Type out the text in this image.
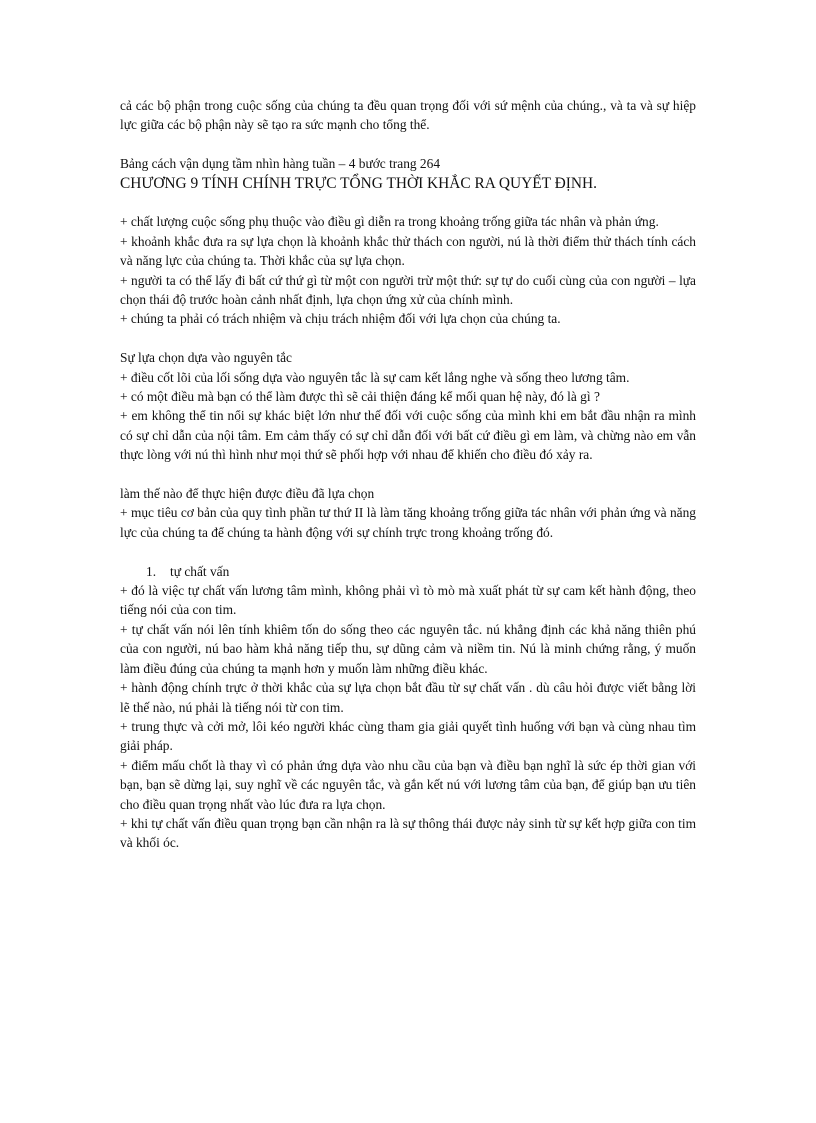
cả các bộ phận trong cuộc sống của chúng ta đều quan trọng đối với sứ mệnh của chúng., và ta và sự hiệp lực giữa các bộ phận này sẽ tạo ra sức mạnh cho tổng thể.

Bảng cách vận dụng tầm nhìn hàng tuần – 4 bước trang 264

CHƯƠNG 9 TÍNH CHÍNH TRỰC TỔNG THỜI KHẮC RA QUYẾT ĐỊNH.

+ chất lượng cuộc sống phụ thuộc vào điều gì diễn ra trong khoảng trống giữa tác nhân và phản ứng.

+ khoảnh khắc đưa ra sự lựa chọn là khoảnh khắc thử thách con người, nú là thời điểm thử thách tính cách và năng lực của chúng ta. Thời khắc của sự lựa chọn.

+ người ta có thể lấy đi bất cứ thứ gì từ một con người trừ một thứ: sự tự do cuối cùng của con người – lựa chọn thái độ trước hoàn cảnh nhất định, lựa chọn ứng xử của chính mình.

+ chúng ta phải có trách nhiệm và chịu trách nhiệm đối với lựa chọn của chúng ta.

Sự lựa chọn dựa vào nguyên tắc

+ điều cốt lõi của lối sống dựa vào nguyên tắc là sự cam kết lắng nghe và sống theo lương tâm.

+ có một điều mà bạn có thể làm được thì sẽ cải thiện đáng kể mối quan hệ này, đó là gì ?

+ em không thể tin nổi sự khác biệt lớn như thế đối với cuộc sống của mình khi em bắt đầu nhận ra mình có sự chỉ dẫn của nội tâm. Em cảm thấy có sự chỉ dẫn đối với bất cứ điều gì em làm, và chừng nào em vẫn thực lòng với nú thì hình như mọi thứ sẽ phối hợp với nhau để khiến cho điều đó xảy ra.

làm thế nào để thực hiện được điều đã lựa chọn

+ mục tiêu cơ bản của quy tình phần tư thứ II là làm tăng khoảng trống giữa tác nhân với phản ứng và năng lực của chúng ta để chúng ta hành động với sự chính trực trong khoảng trống đó.

1. tự chất vấn

+ đó là việc tự chất vấn lương tâm mình, không phải vì tò mò mà xuất phát từ sự cam kết hành động, theo tiếng nói của con tim.

+ tự chất vấn nói lên tính khiêm tốn do sống theo các nguyên tắc. nú khẳng định các khả năng thiên phú của con người, nú bao hàm khả năng tiếp thu, sự dũng cảm và niềm tin. Nú là minh chứng rằng, ý muốn làm điều đúng của chúng ta mạnh hơn y muốn làm những điều khác.

+ hành động chính trực ở thời khắc của sự lựa chọn bắt đầu từ sự chất vấn . dù câu hỏi được viết bằng lời lẽ thế nào, nú phải là tiếng nói từ con tim.

+ trung thực và cởi mở, lôi kéo người khác cùng tham gia giải quyết tình huống với bạn và cùng nhau tìm giải pháp.

+ điểm mấu chốt là thay vì có phản ứng dựa vào nhu cầu của bạn và điều bạn nghĩ là sức ép thời gian với bạn, bạn sẽ dừng lại, suy nghĩ về các nguyên tắc, và gắn kết nú với lương tâm của bạn, để giúp bạn ưu tiên cho điều quan trọng nhất vào lúc đưa ra lựa chọn.

+ khi tự chất vấn điều quan trọng bạn cần nhận ra là sự thông thái được nảy sinh từ sự kết hợp giữa con tim và khối óc.
